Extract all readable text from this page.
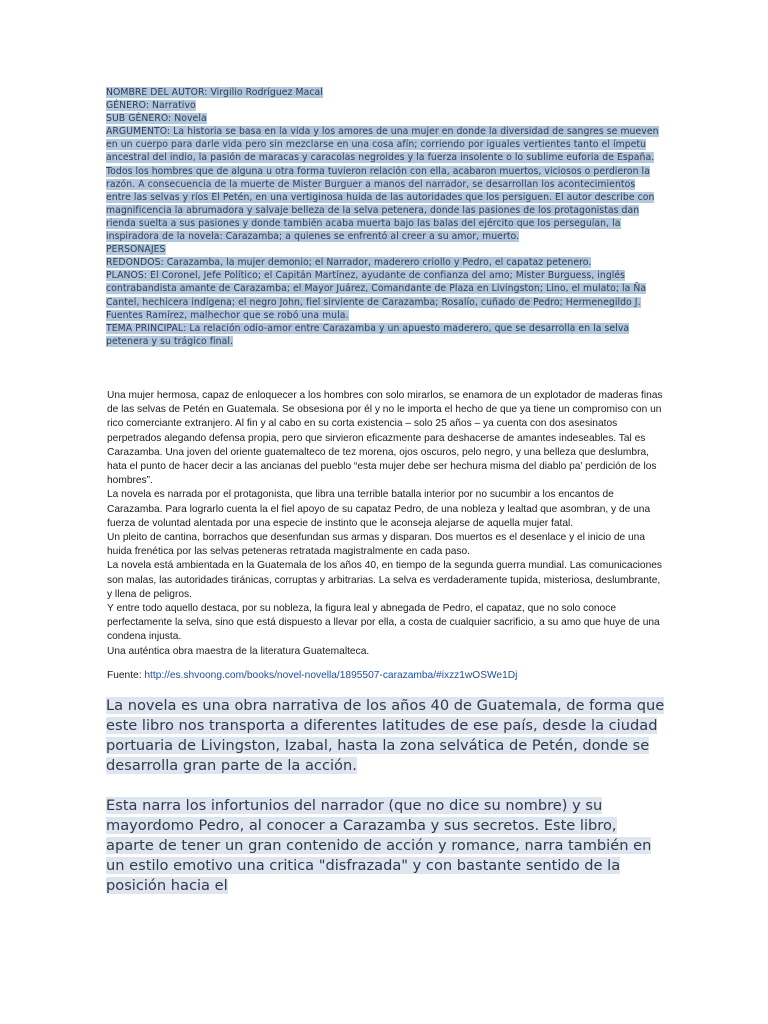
NOMBRE DEL AUTOR: Virgilio Rodríguez Macal

GÉNERO: Narrativo

SUB GÉNERO: Novela

ARGUMENTO: La historia se basa en la vida y los amores de una mujer en donde la diversidad de sangres se mueven en un cuerpo para darle vida pero sin mezclarse en una cosa afín; corriendo por iguales vertientes tanto el ímpetu ancestral del indio, la pasión de maracas y caracolas negroides y la fuerza insolente o lo sublime euforia de España. Todos los hombres que de alguna u otra forma tuvieron relación con ella, acabaron muertos, viciosos o perdieron la razón. A consecuencia de la muerte de Mister Burguer a manos del narrador, se desarrollan los acontecimientos entre las selvas y ríos El Petén, en una vertiginosa huida de las autoridades que los persiguen. El autor describe con magnificencia la abrumadora y salvaje belleza de la selva petenera, donde las pasiones de los protagonistas dan rienda suelta a sus pasiones y donde también acaba muerta bajo las balas del ejército que los perseguían, la inspiradora de la novela: Carazamba; a quienes se enfrentó al creer a su amor, muerto.

PERSONAJES

REDONDOS: Carazamba, la mujer demonio; el Narrador, maderero criollo y Pedro, el capataz petenero.

PLANOS: El Coronel, Jefe Político; el Capitán Martínez, ayudante de confianza del amo; Mister Burguess, inglés contrabandista amante de Carazamba; el Mayor Juárez, Comandante de Plaza en Livingston; Lino, el mulato; la Ña Cantel, hechicera indígena; el negro John, fiel sirviente de Carazamba; Rosalío, cuñado de Pedro; Hermenegildo J. Fuentes Ramírez, malhechor que se robó una mula.

TEMA PRINCIPAL: La relación odio-amor entre Carazamba y un apuesto maderero, que se desarrolla en la selva petenera y su trágico final.

Una mujer hermosa, capaz de enloquecer a los hombres con solo mirarlos, se enamora de un explotador de maderas finas de las selvas de Petén en Guatemala. Se obsesiona por él y no le importa el hecho de que ya tiene un compromiso con un rico comerciante extranjero. Al fin y al cabo en su corta existencia – solo 25 años – ya cuenta con dos asesinatos perpetrados alegando defensa propia, pero que sirvieron eficazmente para deshacerse de amantes indeseables. Tal es Carazamba. Una joven del oriente guatemalteco de tez morena, ojos oscuros, pelo negro, y una belleza que deslumbra, hata el punto de hacer decir a las ancianas del pueblo “esta mujer debe ser hechura misma del diablo pa’ perdición de los hombres”.

La novela es narrada por el protagonista, que libra una terrible batalla interior por no sucumbir a los encantos de Carazamba. Para lograrlo cuenta la el fiel apoyo de su capataz Pedro, de una nobleza y lealtad que asombran, y de una fuerza de voluntad alentada por una especie de instinto que le aconseja alejarse de aquella mujer fatal.

Un pleito de cantina, borrachos que desenfundan sus armas y disparan. Dos muertos es el desenlace y el inicio de una huida frenética por las selvas peteneras retratada magistralmente en cada paso.

La novela está ambientada en la Guatemala de los años 40, en tiempo de la segunda guerra mundial. Las comunicaciones son malas, las autoridades tiránicas, corruptas y arbitrarias. La selva es verdaderamente tupida, misteriosa, deslumbrante, y llena de peligros.

Y entre todo aquello destaca, por su nobleza, la figura leal y abnegada de Pedro, el capataz, que no solo conoce perfectamente la selva, sino que está dispuesto a llevar por ella, a costa de cualquier sacrificio, a su amo que huye de una condena injusta.

Una auténtica obra maestra de la literatura Guatemalteca.

Fuente: http://es.shvoong.com/books/novel-novella/1895507-carazamba/#ixzz1wOSWe1Dj

La novela es una obra narrativa de los años 40 de Guatemala, de forma que este libro nos transporta a diferentes latitudes de ese país, desde la ciudad portuaria de Livingston, Izabal, hasta la zona selvática de Petén, donde se desarrolla gran parte de la acción.

Esta narra los infortunios del narrador (que no dice su nombre) y su mayordomo Pedro, al conocer a Carazamba y sus secretos. Este libro, aparte de tener un gran contenido de acción y romance, narra también en un estilo emotivo una critica "disfrazada" y con bastante sentido de la posición hacia el
